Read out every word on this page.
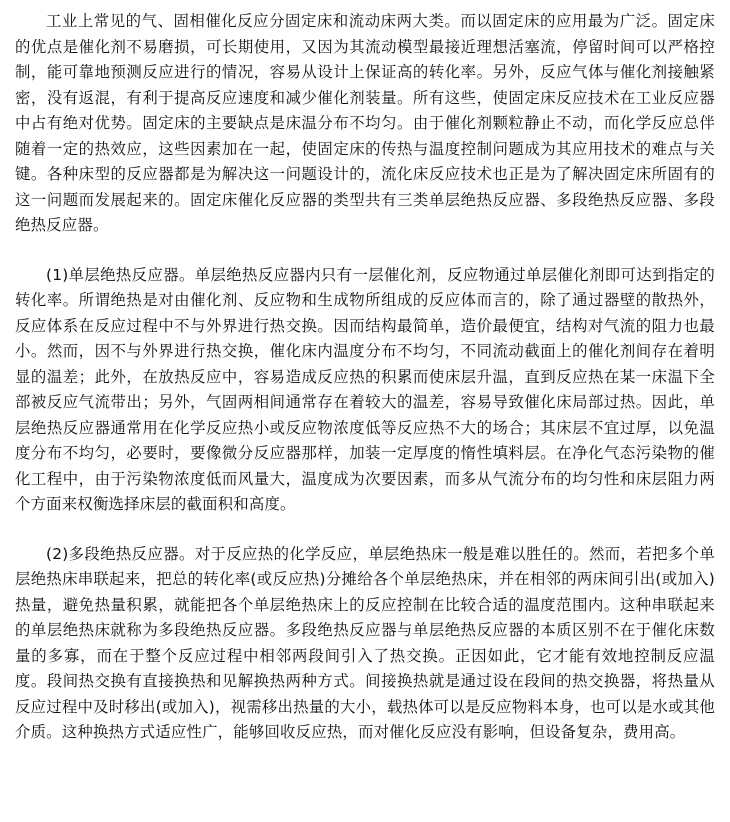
工业上常见的气、固相催化反应分固定床和流动床两大类。而以固定床的应用最为广泛。固定床的优点是催化剂不易磨损，可长期使用，又因为其流动模型最接近理想活塞流，停留时间可以严格控制，能可靠地预测反应进行的情况，容易从设计上保证高的转化率。另外，反应气体与催化剂接触紧密，没有返混，有利于提高反应速度和减少催化剂装量。所有这些，使固定床反应技术在工业反应器中占有绝对优势。固定床的主要缺点是床温分布不均匀。由于催化剂颗粒静止不动，而化学反应总伴随着一定的热效应，这些因素加在一起，使固定床的传热与温度控制问题成为其应用技术的难点与关键。各种床型的反应器都是为解决这一问题设计的，流化床反应技术也正是为了解决固定床所固有的这一问题而发展起来的。固定床催化反应器的类型共有三类单层绝热反应器、多段绝热反应器、多段绝热反应器。

(1)单层绝热反应器。单层绝热反应器内只有一层催化剂，反应物通过单层催化剂即可达到指定的转化率。所谓绝热是对由催化剂、反应物和生成物所组成的反应体而言的，除了通过器壁的散热外，反应体系在反应过程中不与外界进行热交换。因而结构最简单，造价最便宜，结构对气流的阻力也最小。然而，因不与外界进行热交换，催化床内温度分布不均匀，不同流动截面上的催化剂间存在着明显的温差；此外，在放热反应中，容易造成反应热的积累而使床层升温，直到反应热在某一床温下全部被反应气流带出；另外，气固两相间通常存在着较大的温差，容易导致催化床局部过热。因此，单层绝热反应器通常用在化学反应热小或反应物浓度低等反应热不大的场合；其床层不宜过厚，以免温度分布不均匀，必要时，要像微分反应器那样，加装一定厚度的惰性填料层。在净化气态污染物的催化工程中，由于污染物浓度低而风量大，温度成为次要因素，而多从气流分布的均匀性和床层阻力两个方面来权衡选择床层的截面积和高度。

(2)多段绝热反应器。对于反应热的化学反应，单层绝热床一般是难以胜任的。然而，若把多个单层绝热床串联起来，把总的转化率(或反应热)分摊给各个单层绝热床，并在相邻的两床间引出(或加入)热量，避免热量积累，就能把各个单层绝热床上的反应控制在比较合适的温度范围内。这种串联起来的单层绝热床就称为多段绝热反应器。多段绝热反应器与单层绝热反应器的本质区别不在于催化床数量的多寡，而在于整个反应过程中相邻两段间引入了热交换。正因如此，它才能有效地控制反应温度。段间热交换有直接换热和见解换热两种方式。间接换热就是通过设在段间的热交换器，将热量从反应过程中及时移出(或加入)，视需移出热量的大小，载热体可以是反应物料本身，也可以是水或其他介质。这种换热方式适应性广，能够回收反应热，而对催化反应没有影响，但设备复杂，费用高。
